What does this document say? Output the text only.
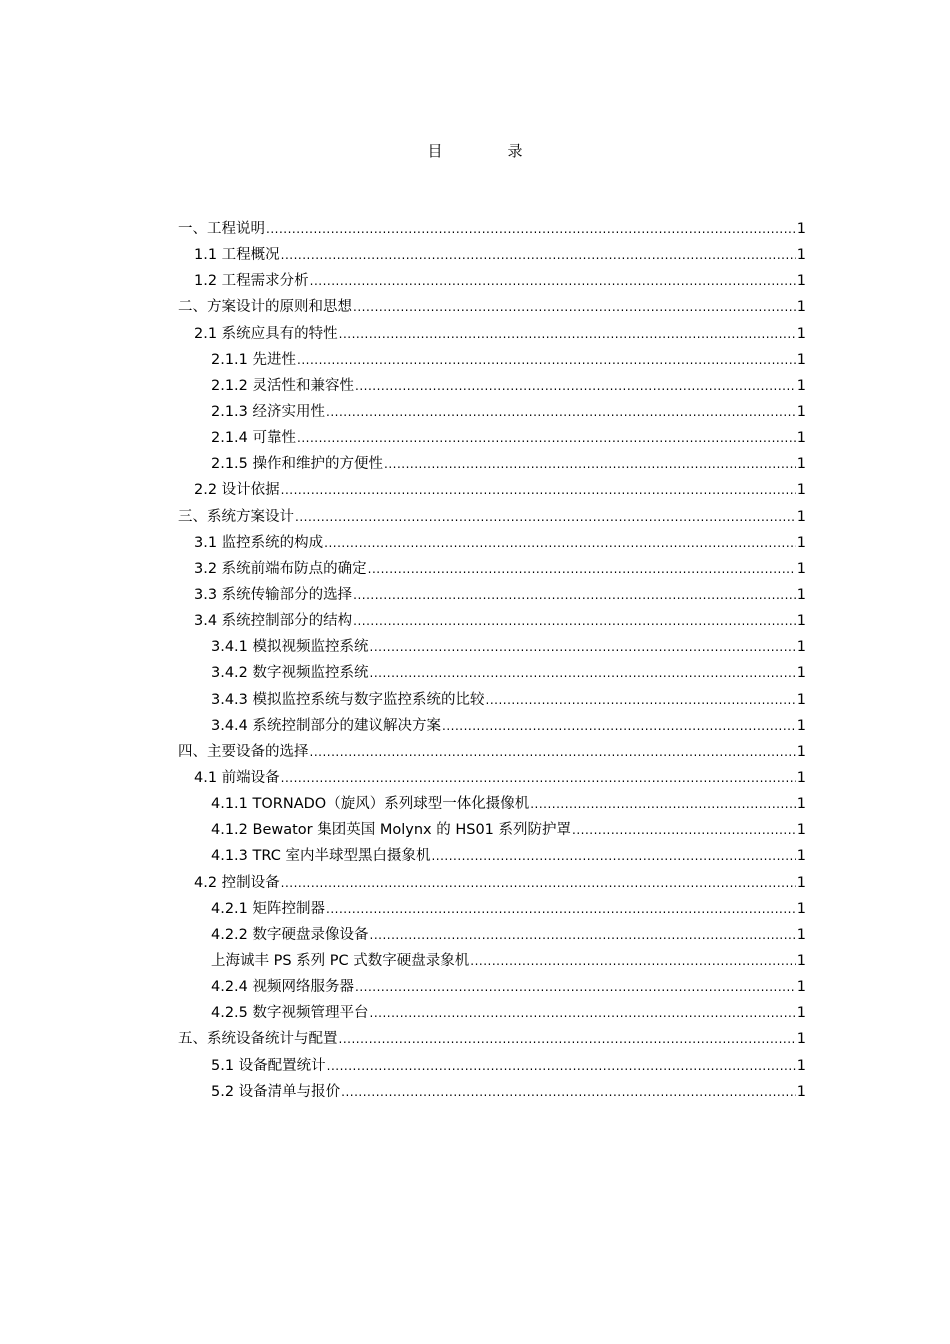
目	录
一、工程说明 .....	1
1.1 工程概况 .....	1
1.2 工程需求分析 .....	1
二、方案设计的原则和思想 .....	1
2.1 系统应具有的特性 .....	1
2.1.1 先进性 .....	1
2.1.2 灵活性和兼容性 .....	1
2.1.3 经济实用性 .....	1
2.1.4 可靠性 .....	1
2.1.5 操作和维护的方便性 .....	1
2.2 设计依据 .....	1
三、系统方案设计 .....	1
3.1 监控系统的构成 .....	1
3.2 系统前端布防点的确定 .....	1
3.3 系统传输部分的选择 .....	1
3.4 系统控制部分的结构 .....	1
3.4.1 模拟视频监控系统 .....	1
3.4.2 数字视频监控系统 .....	1
3.4.3 模拟监控系统与数字监控系统的比较 .....	1
3.4.4 系统控制部分的建议解决方案 .....	1
四、主要设备的选择 .....	1
4.1 前端设备 .....	1
4.1.1 TORNADO（旋风）系列球型一体化摄像机 .....	1
4.1.2 Bewator 集团英国 Molynx 的 HS01 系列防护罩 .....	1
4.1.3 TRC 室内半球型黑白摄象机 .....	1
4.2 控制设备 .....	1
4.2.1 矩阵控制器 .....	1
4.2.2 数字硬盘录像设备 .....	1
上海诚丰 PS 系列 PC 式数字硬盘录象机 .....	1
4.2.4 视频网络服务器 .....	1
4.2.5 数字视频管理平台 .....	1
五、系统设备统计与配置 .....	1
5.1 设备配置统计 .....	1
5.2 设备清单与报价 .....	1
